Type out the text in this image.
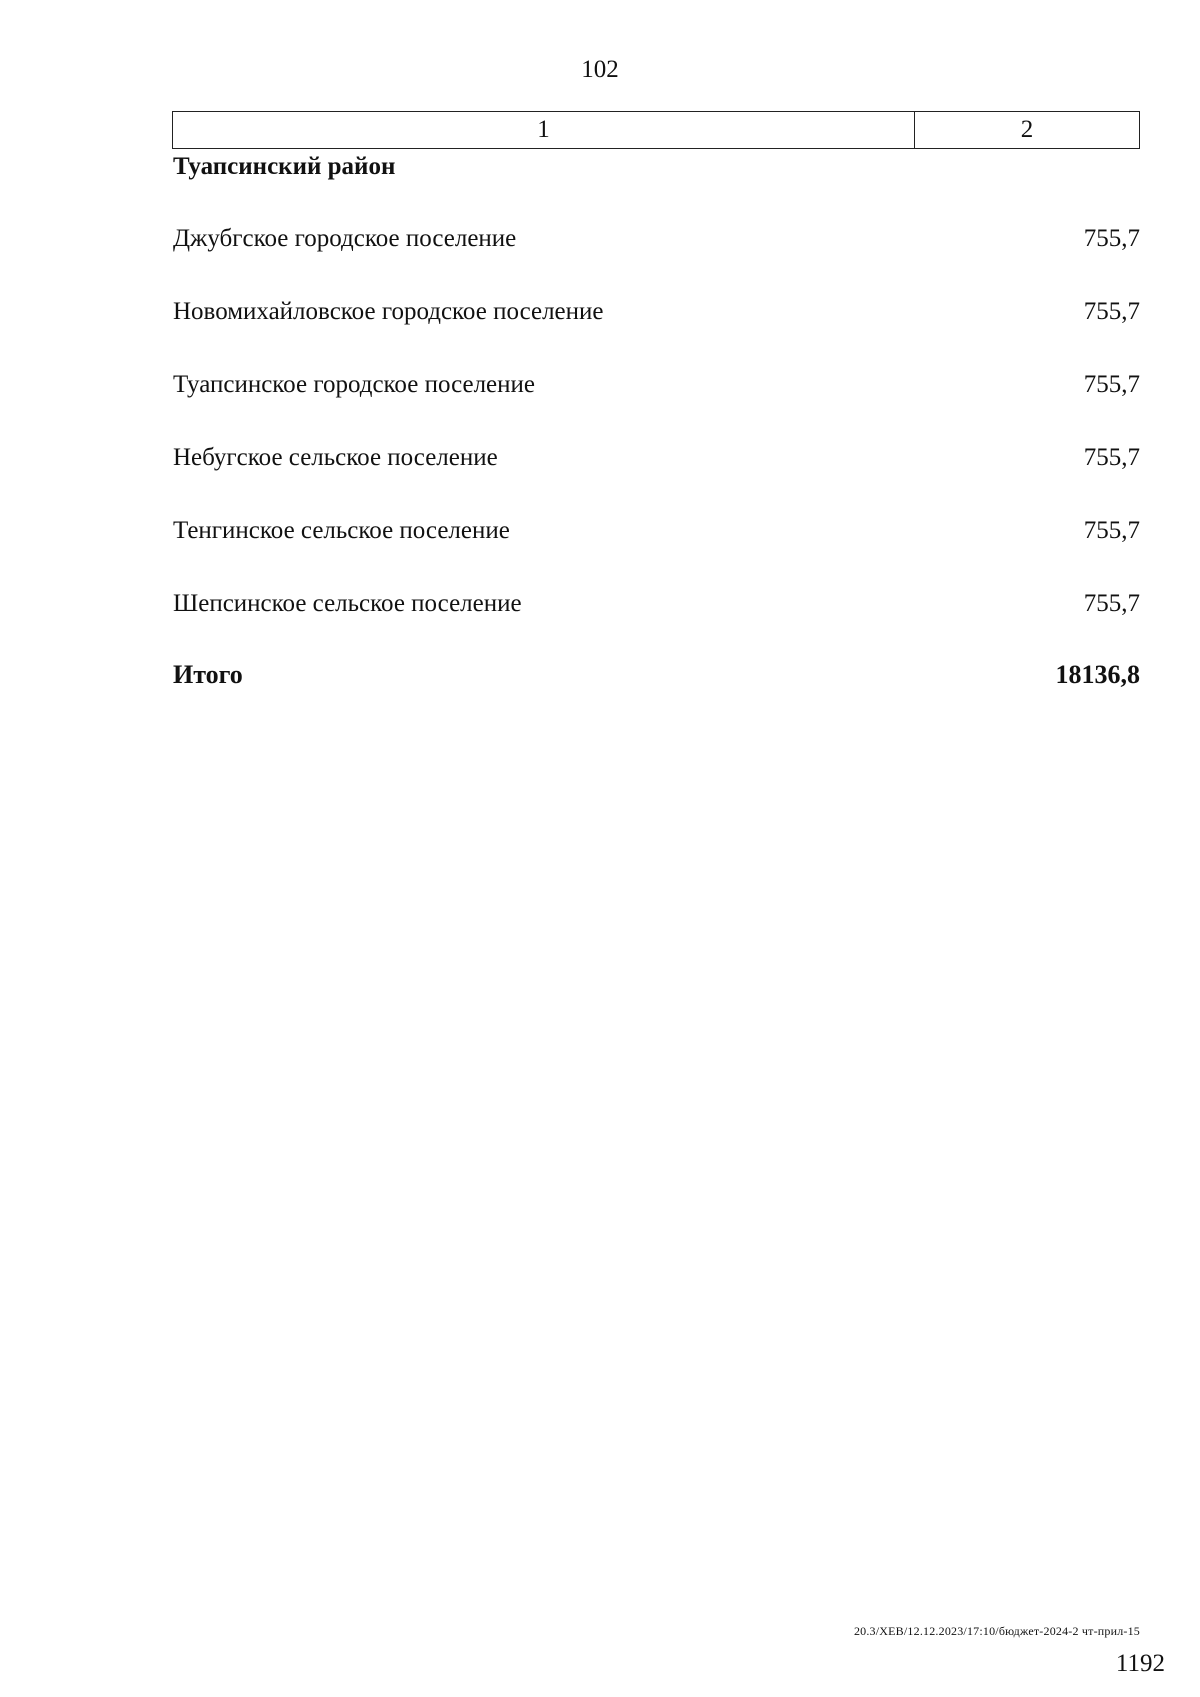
102
1	2
Туапсинский район
Джубгское городское поселение	755,7
Новомихайловское городское поселение	755,7
Туапсинское городское поселение	755,7
Небугское сельское поселение	755,7
Тенгинское сельское поселение	755,7
Шепсинское сельское поселение	755,7
Итого	18136,8
20.3/ХЕВ/12.12.2023/17:10/бюджет-2024-2 чт-прил-15
1192
